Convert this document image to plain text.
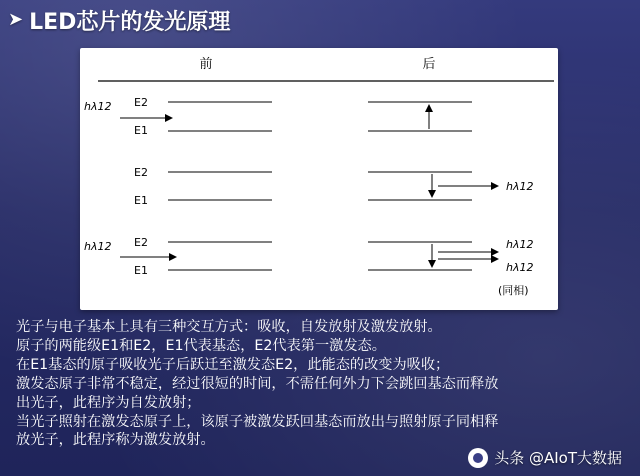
➤ LED芯片的发光原理
前	后
hλ12 E2
E1
E2
E1
hλ12
hλ12 E2
E1
hλ12
hλ12
(同相)
光子与电子基本上具有三种交互方式：吸收，自发放射及激发放射。
原子的两能级E1和E2，E1代表基态，E2代表第一激发态。
在E1基态的原子吸收光子后跃迁至激发态E2，此能态的改变为吸收；
激发态原子非常不稳定，经过很短的时间，不需任何外力下会跳回基态而释放
出光子，此程序为自发放射；
当光子照射在激发态原子上，该原子被激发跃回基态而放出与照射原子同相释
放光子，此程序称为激发放射。
头条 @AIoT大数据
